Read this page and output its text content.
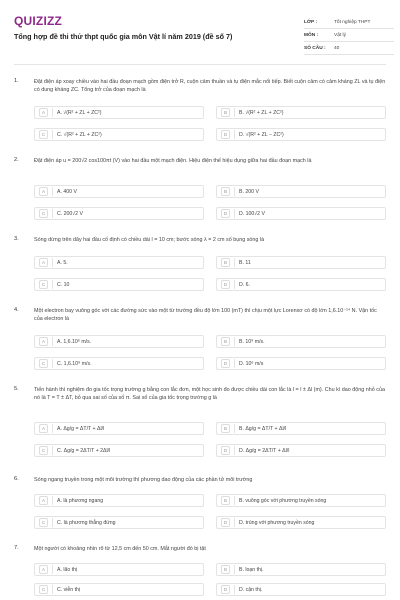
QUIZIZZ
Tổng hợp đề thi thử thpt quốc gia môn Vật lí năm 2019 (đề số 7)
LỚP :	Tốt nghiệp THPT
MÔN :	Vật lý
SỐ CÂU :	40
1.	Đặt điện áp xoay chiều vào hai đầu đoạn mạch gồm điện trở R, cuộn cảm thuần và tụ điện mắc nối tiếp. Biết cuộn cảm có cảm kháng ZL và tụ điện có dung kháng ZC. Tổng trở của đoạn mạch là
A	A. √(R² + ZL + ZC²)	B	B. √(R² + ZL + ZC²)
C	C. √(R² + ZL + ZC²)	D	D. √(R² + ZL − ZC²)
2.	Đặt điện áp u = 200√2 cos100πt (V) vào hai đầu một mạch điện. Hiệu điện thế hiệu dụng giữa hai đầu đoạn mạch là
A	A. 400 V	B	B. 200 V
C	C. 200√2 V	D	D. 100√2 V
3.	Sóng dừng trên dây hai đầu cố định có chiều dài l = 10 cm; bước sóng λ = 2 cm số bụng sóng là
A	A. 5.	B	B. 11
C	C. 10	D	D. 6.
4.	Một electron bay vuông góc với các đường sức vào một từ trường đều độ lớn 100 (mT) thì chịu một lực Lorenxơ có độ lớn 1,6.10⁻¹⁴ N. Vận tốc của electron là
A	A. 1,6.10⁶ m/s.	B	B. 10⁹ m/s.
C	C. 1,6.10⁹ m/s.	D	D. 10⁶ m/s
5.	Tiến hành thí nghiệm đo gia tốc trọng trường g bằng con lắc đơn, một học sinh đo được chiều dài con lắc là l = l ± Δl (m). Chu kì dao động nhỏ của nó là T = T ± ΔT, bỏ qua sai số của số π. Sai số của gia tốc trọng trường g là
A	A. Δg/g = ΔT/T + Δl/l	B	B. Δg/g = ΔT/T + Δl/l
C	C. Δg/g = 2ΔT/T + 2Δl/l	D	D. Δg/g = 2ΔT/T + Δl/l
6.	Sóng ngang truyền trong một môi trường thì phương dao động của các phần tử môi trường
A	A. là phương ngang	B	B. vuông góc với phương truyền sóng
C	C. là phương thẳng đứng	D	D. trùng với phương truyền sóng
7.	Một người có khoảng nhìn rõ từ 12,5 cm đến 50 cm. Mắt người đó bị tật
A	A. lão thị	B	B. loạn thị.
C	C. viễn thị	D	D. cận thị.
